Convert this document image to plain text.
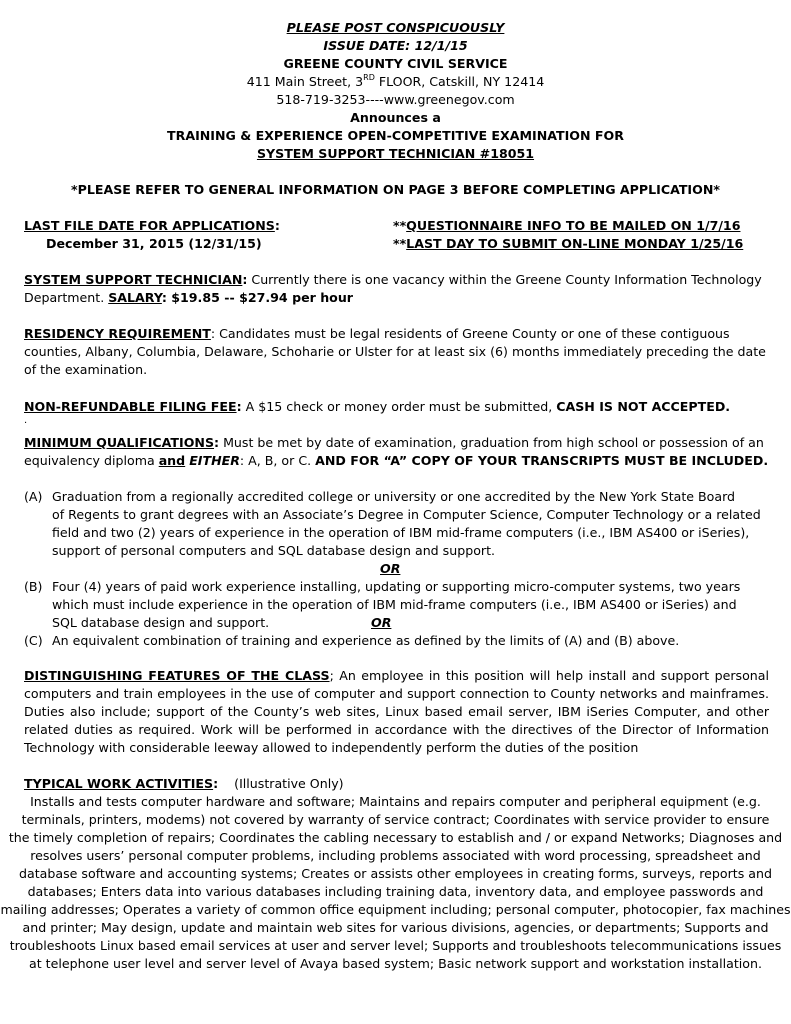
PLEASE POST CONSPICUOUSLY
ISSUE DATE: 12/1/15
GREENE COUNTY CIVIL SERVICE
411 Main Street, 3RD FLOOR, Catskill, NY 12414
518-719-3253----www.greenegov.com
Announces a
TRAINING & EXPERIENCE OPEN-COMPETITIVE EXAMINATION FOR
SYSTEM SUPPORT TECHNICIAN #18051
*PLEASE REFER TO GENERAL INFORMATION ON PAGE 3 BEFORE COMPLETING APPLICATION*
LAST FILE DATE FOR APPLICATIONS:
December 31, 2015 (12/31/15)
**QUESTIONNAIRE INFO TO BE MAILED ON 1/7/16
**LAST DAY TO SUBMIT ON-LINE MONDAY 1/25/16
SYSTEM SUPPORT TECHNICIAN: Currently there is one vacancy within the Greene County Information Technology Department. SALARY: $19.85 -- $27.94 per hour
RESIDENCY REQUIREMENT: Candidates must be legal residents of Greene County or one of these contiguous counties, Albany, Columbia, Delaware, Schoharie or Ulster for at least six (6) months immediately preceding the date of the examination.
NON-REFUNDABLE FILING FEE: A $15 check or money order must be submitted, CASH IS NOT ACCEPTED.
.
MINIMUM QUALIFICATIONS: Must be met by date of examination, graduation from high school or possession of an equivalency diploma and EITHER: A, B, or C. AND FOR “A” COPY OF YOUR TRANSCRIPTS MUST BE INCLUDED.
(A) Graduation from a regionally accredited college or university or one accredited by the New York State Board
of Regents to grant degrees with an Associate’s Degree in Computer Science, Computer Technology or a related
field and two (2) years of experience in the operation of IBM mid-frame computers (i.e., IBM AS400 or iSeries),
support of personal computers and SQL database design and support.
OR
(B) Four (4) years of paid work experience installing, updating or supporting micro-computer systems, two years
which must include experience in the operation of IBM mid-frame computers (i.e., IBM AS400 or iSeries) and
SQL database design and support.	OR
(C) An equivalent combination of training and experience as defined by the limits of (A) and (B) above.
DISTINGUISHING FEATURES OF THE CLASS; An employee in this position will help install and support personal computers and train employees in the use of computer and support connection to County networks and mainframes. Duties also include; support of the County’s web sites, Linux based email server, IBM iSeries Computer, and other related duties as required. Work will be performed in accordance with the directives of the Director of Information Technology with considerable leeway allowed to independently perform the duties of the position
TYPICAL WORK ACTIVITIES:    (Illustrative Only)
Installs and tests computer hardware and software; Maintains and repairs computer and peripheral equipment (e.g.
terminals, printers, modems) not covered by warranty of service contract; Coordinates with service provider to ensure
the timely completion of repairs; Coordinates the cabling necessary to establish and / or expand Networks; Diagnoses and
resolves users’ personal computer problems, including problems associated with word processing, spreadsheet and
database software and accounting systems; Creates or assists other employees in creating forms, surveys, reports and
databases; Enters data into various databases including training data, inventory data, and employee passwords and
mailing addresses; Operates a variety of common office equipment including; personal computer, photocopier, fax machines
and printer; May design, update and maintain web sites for various divisions, agencies, or departments; Supports and
troubleshoots Linux based email services at user and server level; Supports and troubleshoots telecommunications issues
at telephone user level and server level of Avaya based system; Basic network support and workstation installation.
